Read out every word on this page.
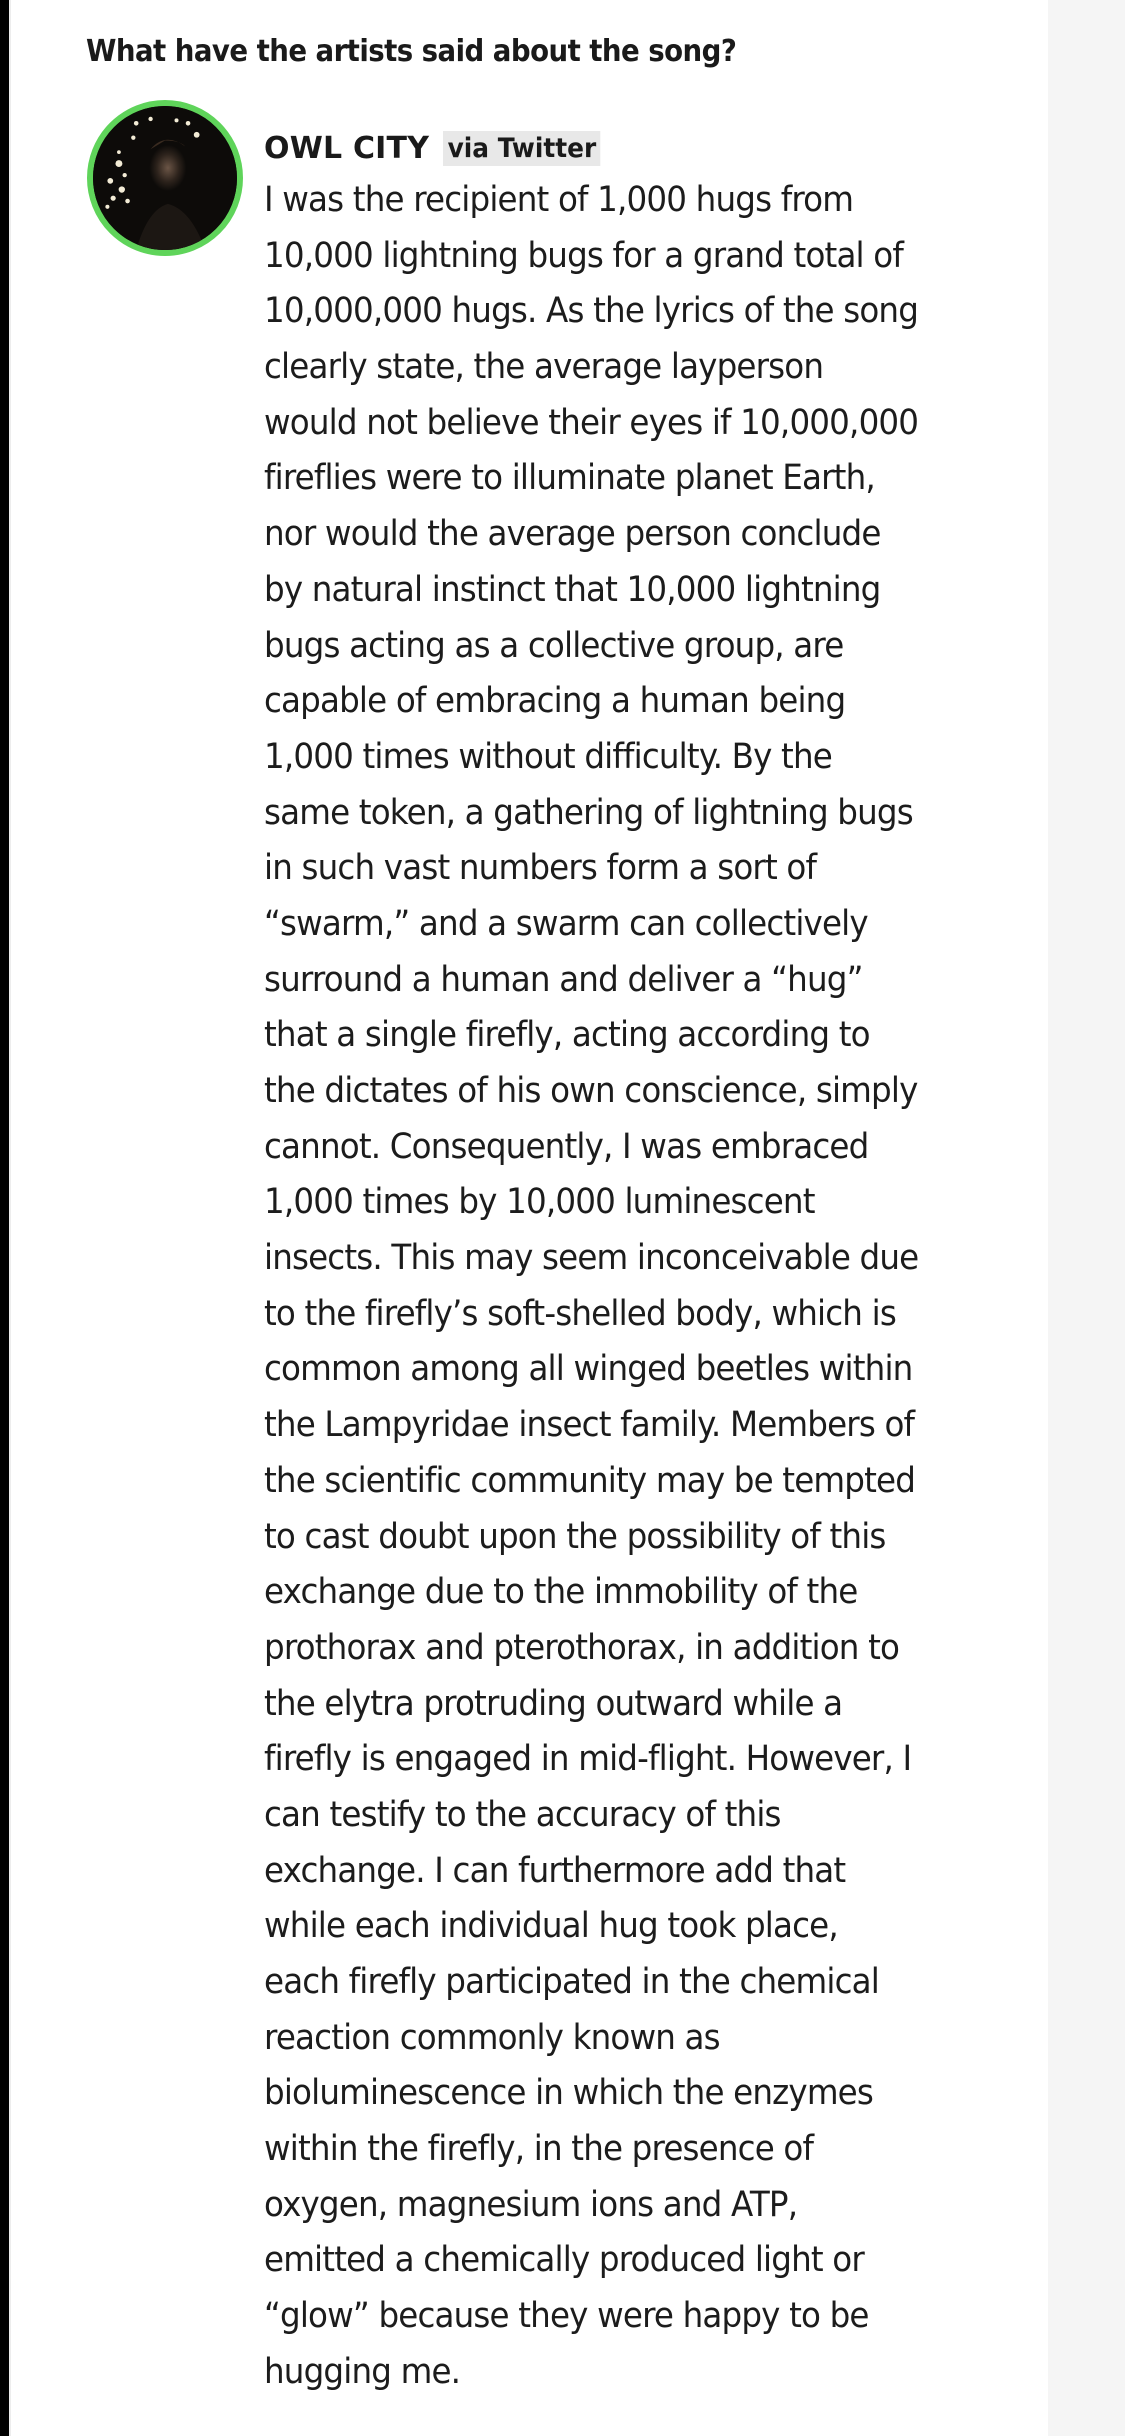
What have the artists said about the song?
OWL CITY via Twitter

I was the recipient of 1,000 hugs from
10,000 lightning bugs for a grand total of
10,000,000 hugs. As the lyrics of the song
clearly state, the average layperson
would not believe their eyes if 10,000,000
fireflies were to illuminate planet Earth,
nor would the average person conclude
by natural instinct that 10,000 lightning
bugs acting as a collective group, are
capable of embracing a human being
1,000 times without difficulty. By the
same token, a gathering of lightning bugs
in such vast numbers form a sort of
“swarm,” and a swarm can collectively
surround a human and deliver a “hug”
that a single firefly, acting according to
the dictates of his own conscience, simply
cannot. Consequently, I was embraced
1,000 times by 10,000 luminescent
insects. This may seem inconceivable due
to the firefly’s soft-shelled body, which is
common among all winged beetles within
the Lampyridae insect family. Members of
the scientific community may be tempted
to cast doubt upon the possibility of this
exchange due to the immobility of the
prothorax and pterothorax, in addition to
the elytra protruding outward while a
firefly is engaged in mid-flight. However, I
can testify to the accuracy of this
exchange. I can furthermore add that
while each individual hug took place,
each firefly participated in the chemical
reaction commonly known as
bioluminescence in which the enzymes
within the firefly, in the presence of
oxygen, magnesium ions and ATP,
emitted a chemically produced light or
“glow” because they were happy to be
hugging me.
